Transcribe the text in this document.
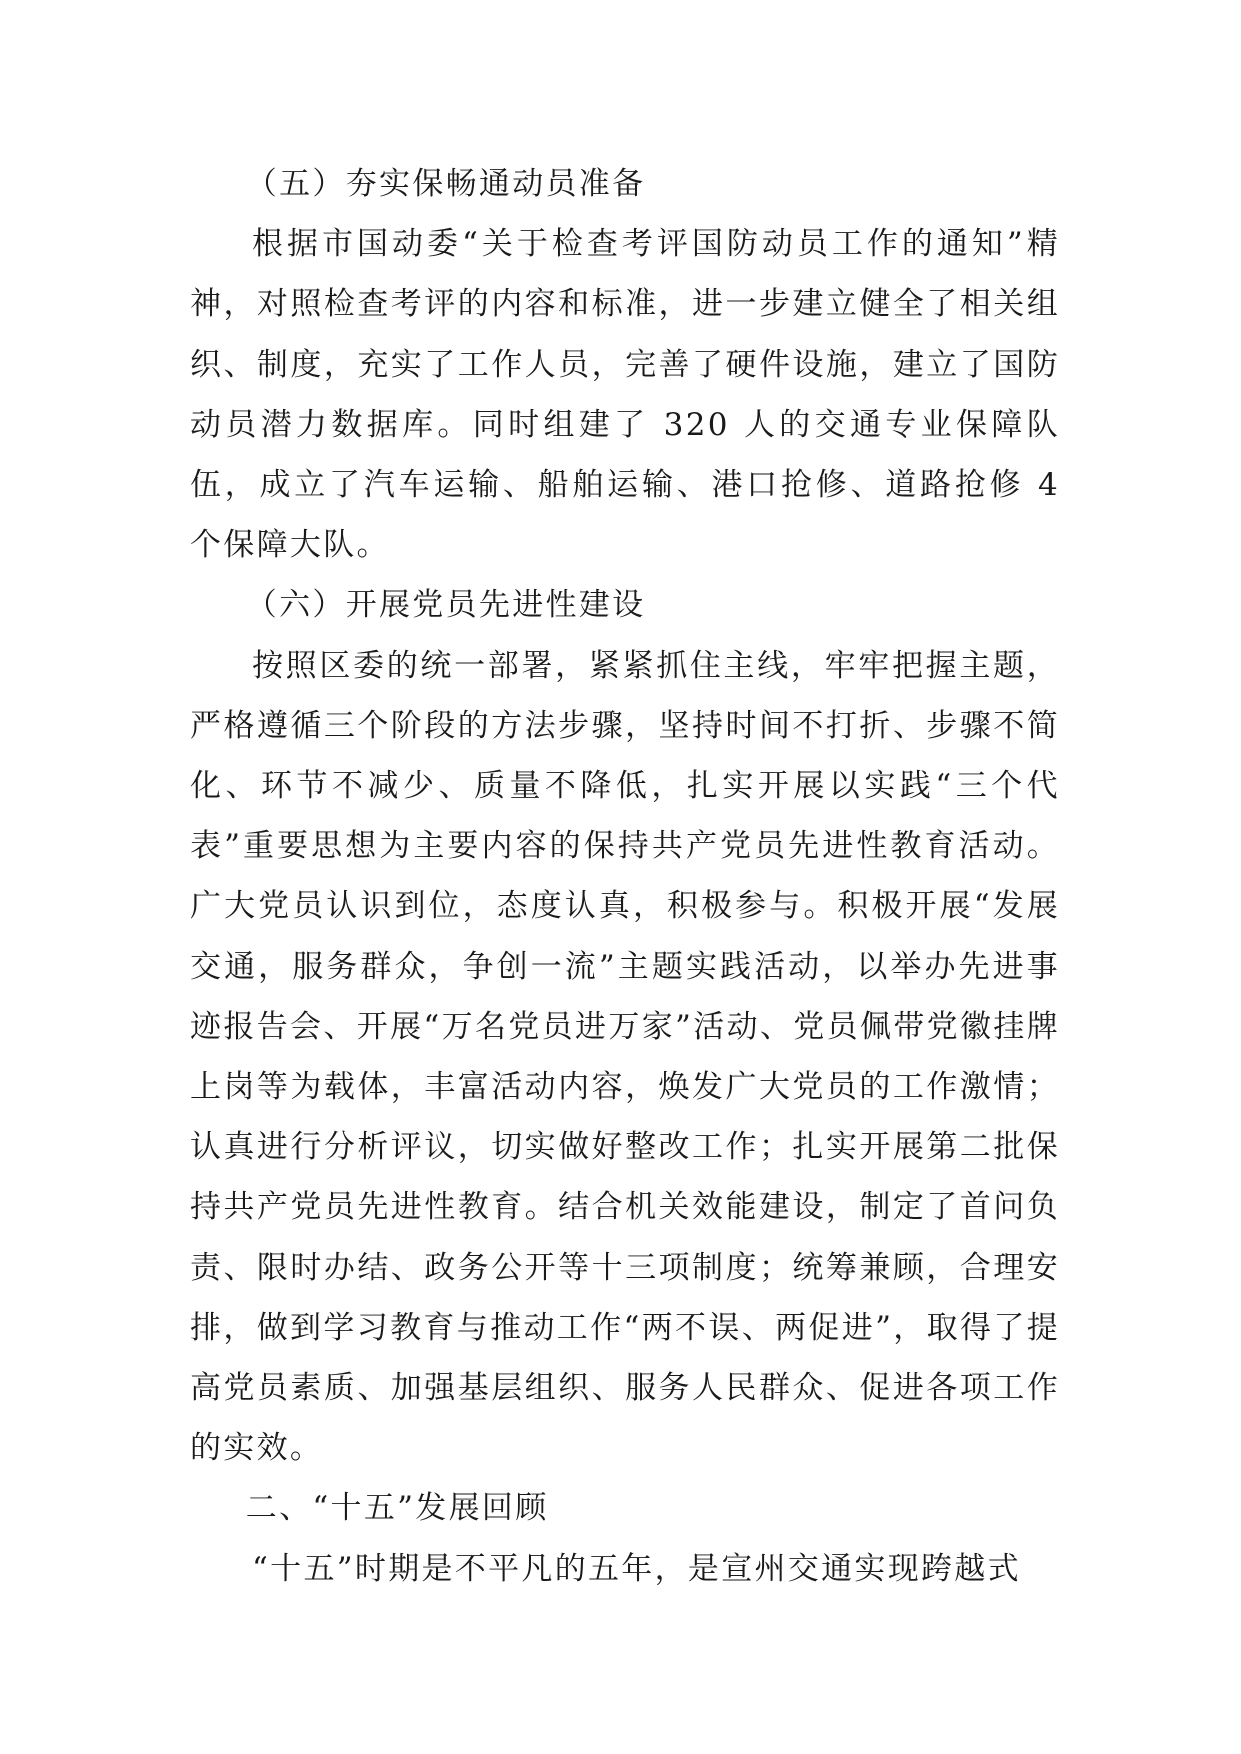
（五）夯实保畅通动员准备

根据市国动委“关于检查考评国防动员工作的通知”精神，对照检查考评的内容和标准，进一步建立健全了相关组织、制度，充实了工作人员，完善了硬件设施，建立了国防动员潜力数据库。同时组建了 320 人的交通专业保障队伍，成立了汽车运输、船舶运输、港口抢修、道路抢修 4 个保障大队。

（六）开展党员先进性建设

按照区委的统一部署，紧紧抓住主线，牢牢把握主题，严格遵循三个阶段的方法步骤，坚持时间不打折、步骤不简化、环节不减少、质量不降低，扎实开展以实践“三个代表”重要思想为主要内容的保持共产党员先进性教育活动。广大党员认识到位，态度认真，积极参与。积极开展“发展交通，服务群众，争创一流”主题实践活动，以举办先进事迹报告会、开展“万名党员进万家”活动、党员佩带党徽挂牌上岗等为载体，丰富活动内容，焕发广大党员的工作激情；认真进行分析评议，切实做好整改工作；扎实开展第二批保持共产党员先进性教育。结合机关效能建设，制定了首问负责、限时办结、政务公开等十三项制度；统筹兼顾，合理安排，做到学习教育与推动工作“两不误、两促进”，取得了提高党员素质、加强基层组织、服务人民群众、促进各项工作的实效。

二、“十五”发展回顾

“十五”时期是不平凡的五年，是宣州交通实现跨越式
